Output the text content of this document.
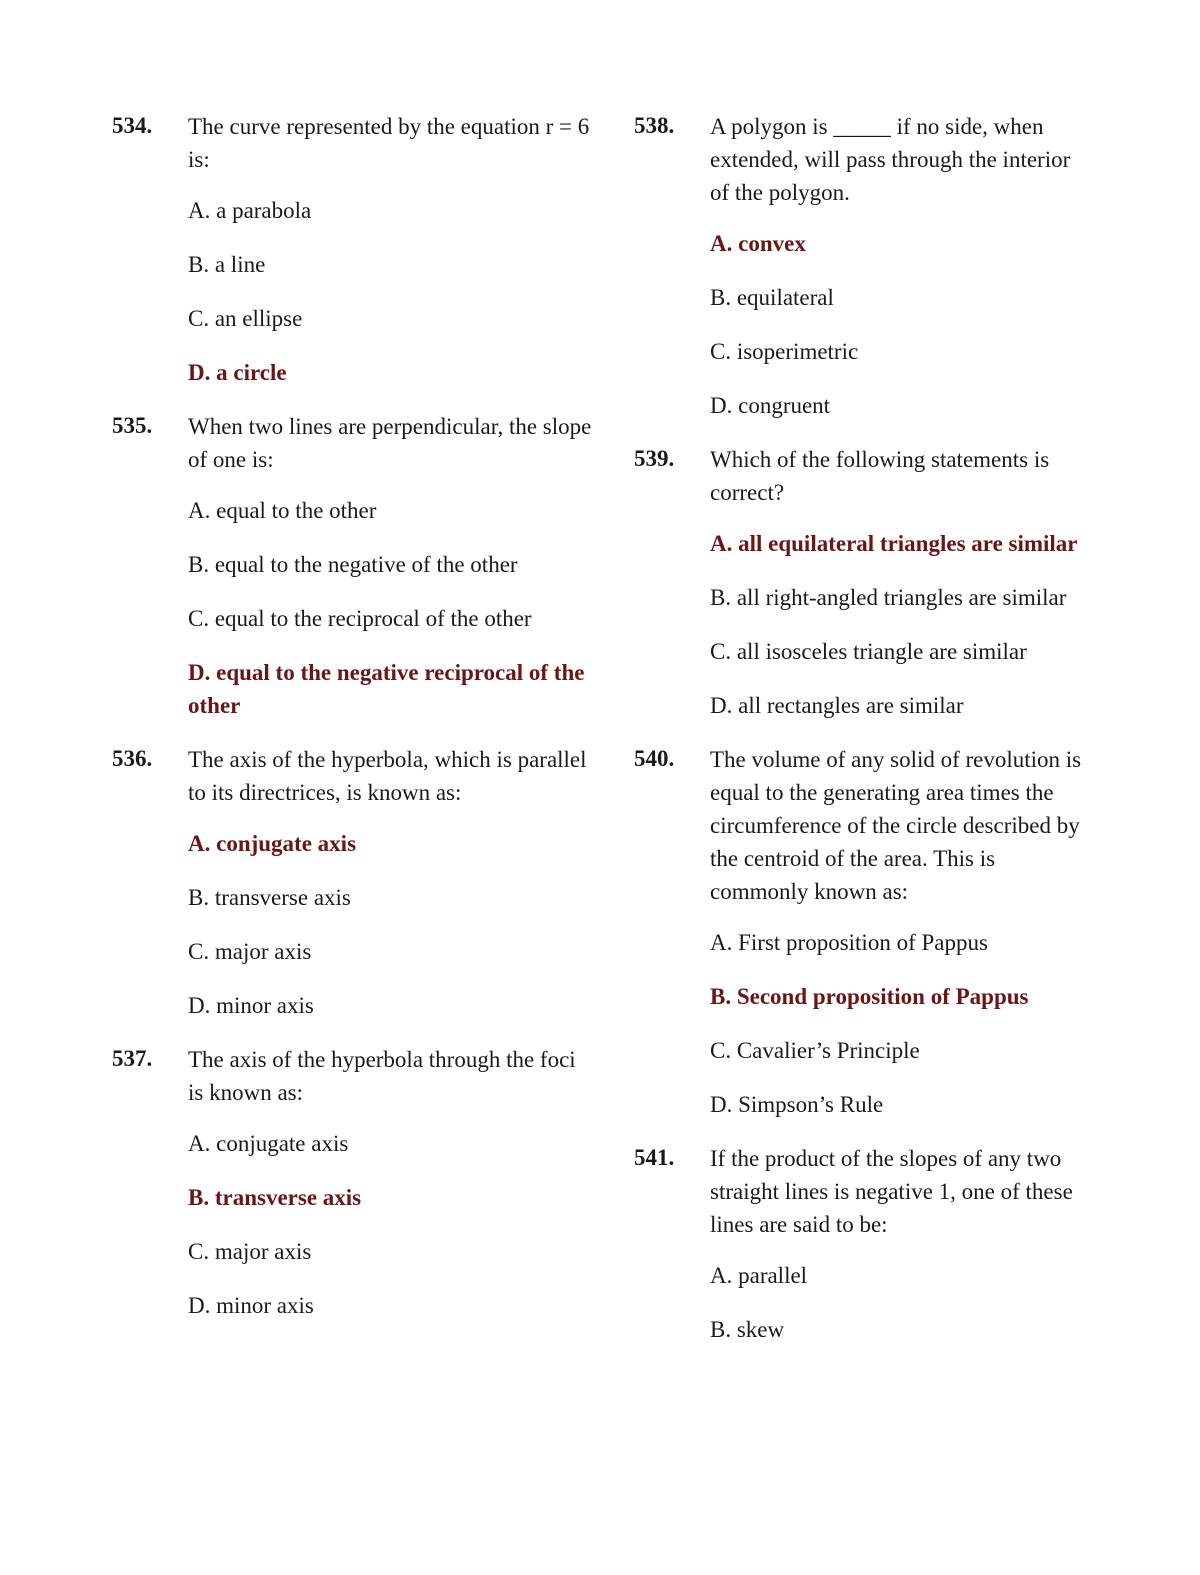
534. The curve represented by the equation r = 6 is:

A. a parabola
B. a line
C. an ellipse
D. a circle
535. When two lines are perpendicular, the slope of one is:

A. equal to the other
B. equal to the negative of the other
C. equal to the reciprocal of the other
D. equal to the negative reciprocal of the other
536. The axis of the hyperbola, which is parallel to its directrices, is known as:

A. conjugate axis
B. transverse axis
C. major axis
D. minor axis
537. The axis of the hyperbola through the foci is known as:

A. conjugate axis
B. transverse axis
C. major axis
D. minor axis
538. A polygon is _____ if no side, when extended, will pass through the interior of the polygon.

A. convex
B. equilateral
C. isoperimetric
D. congruent
539. Which of the following statements is correct?

A. all equilateral triangles are similar
B. all right-angled triangles are similar
C. all isosceles triangle are similar
D. all rectangles are similar
540. The volume of any solid of revolution is equal to the generating area times the circumference of the circle described by the centroid of the area. This is commonly known as:

A. First proposition of Pappus
B. Second proposition of Pappus
C. Cavalier’s Principle
D. Simpson’s Rule
541. If the product of the slopes of any two straight lines is negative 1, one of these lines are said to be:

A. parallel
B. skew
